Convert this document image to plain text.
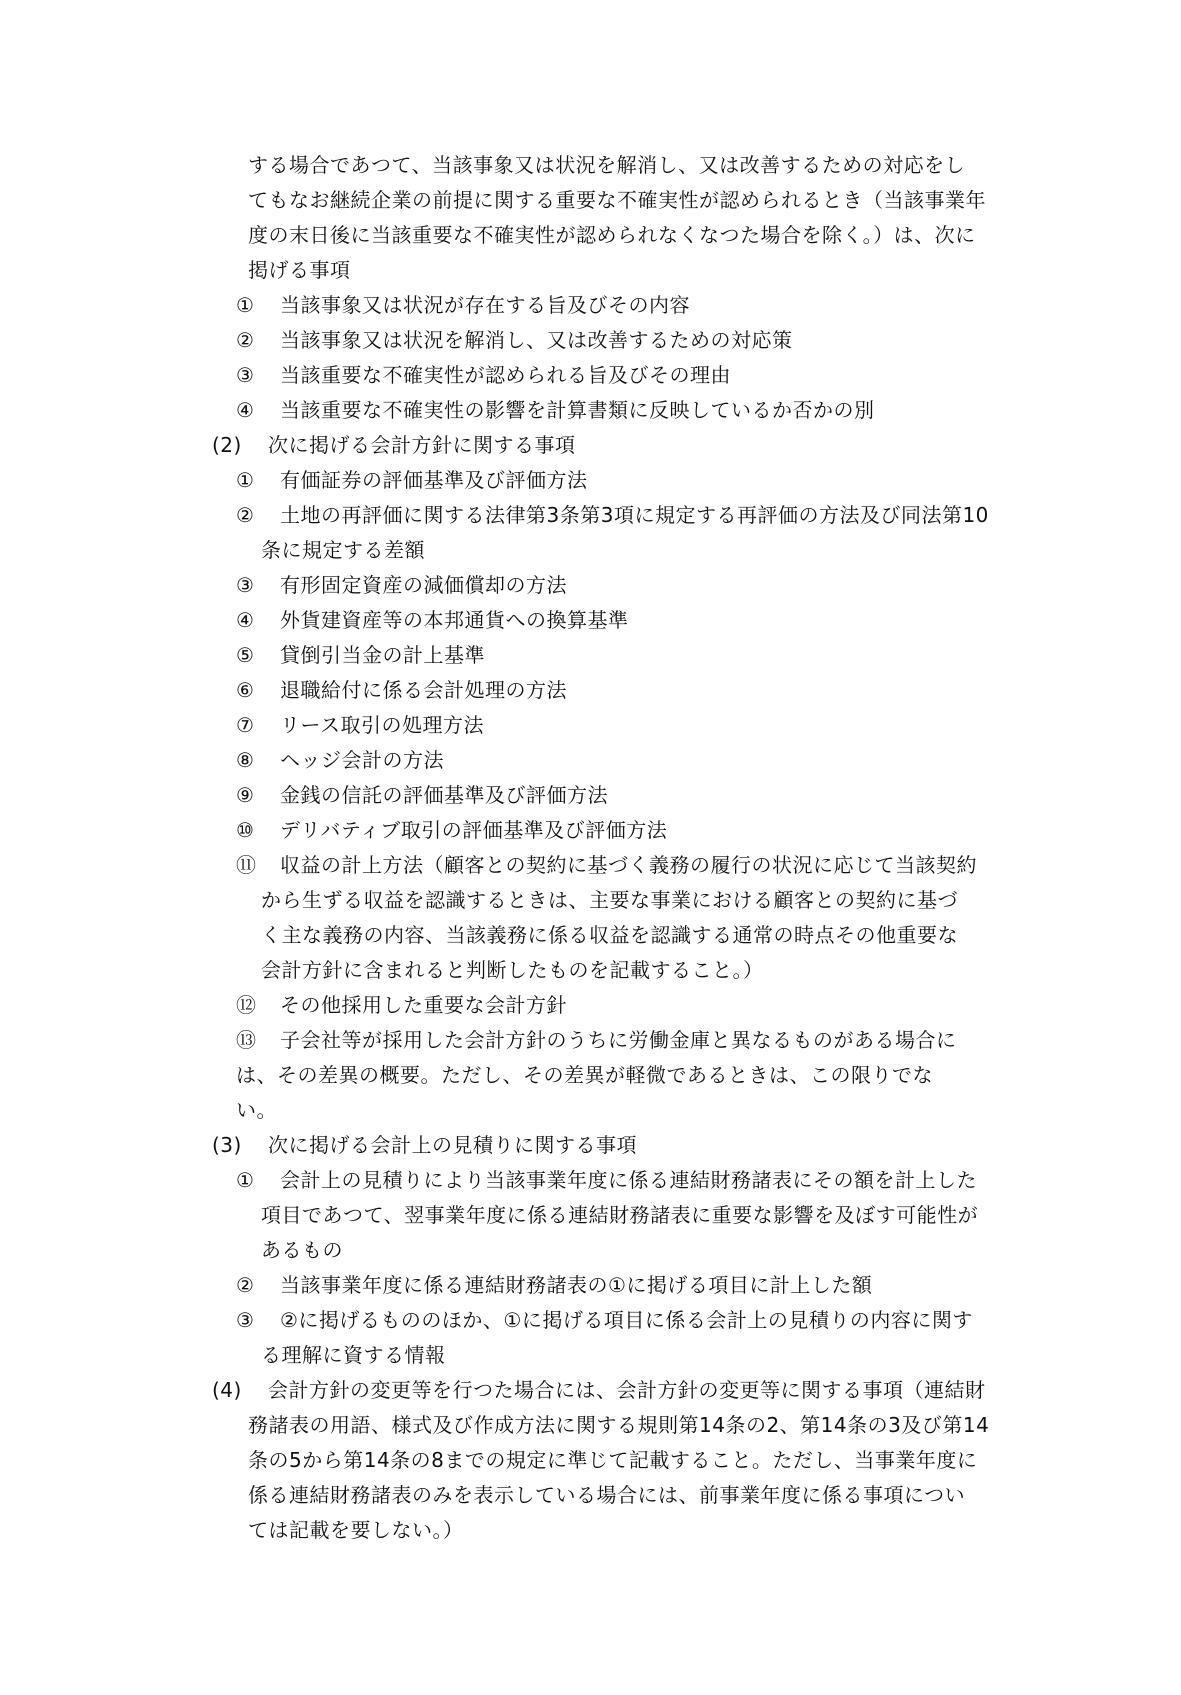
する場合であつて、当該事象又は状況を解消し、又は改善するための対応をし
てもなお継続企業の前提に関する重要な不確実性が認められるとき（当該事業年
度の末日後に当該重要な不確実性が認められなくなつた場合を除く。）は、次に
掲げる事項
① 当該事象又は状況が存在する旨及びその内容
② 当該事象又は状況を解消し、又は改善するための対応策
③ 当該重要な不確実性が認められる旨及びその理由
④ 当該重要な不確実性の影響を計算書類に反映しているか否かの別
(2) 次に掲げる会計方針に関する事項
① 有価証券の評価基準及び評価方法
② 土地の再評価に関する法律第3条第3項に規定する再評価の方法及び同法第10
条に規定する差額
③ 有形固定資産の減価償却の方法
④ 外貨建資産等の本邦通貨への換算基準
⑤ 貸倒引当金の計上基準
⑥ 退職給付に係る会計処理の方法
⑦ リース取引の処理方法
⑧ ヘッジ会計の方法
⑨ 金銭の信託の評価基準及び評価方法
⑩ デリバティブ取引の評価基準及び評価方法
⑪ 収益の計上方法（顧客との契約に基づく義務の履行の状況に応じて当該契約
から生ずる収益を認識するときは、主要な事業における顧客との契約に基づ
く主な義務の内容、当該義務に係る収益を認識する通常の時点その他重要な
会計方針に含まれると判断したものを記載すること。）
⑫ その他採用した重要な会計方針
⑬ 子会社等が採用した会計方針のうちに労働金庫と異なるものがある場合に
は、その差異の概要。ただし、その差異が軽微であるときは、この限りでな
い。
(3) 次に掲げる会計上の見積りに関する事項
① 会計上の見積りにより当該事業年度に係る連結財務諸表にその額を計上した
項目であつて、翌事業年度に係る連結財務諸表に重要な影響を及ぼす可能性が
あるもの
② 当該事業年度に係る連結財務諸表の①に掲げる項目に計上した額
③ ②に掲げるもののほか、①に掲げる項目に係る会計上の見積りの内容に関す
る理解に資する情報
(4) 会計方針の変更等を行つた場合には、会計方針の変更等に関する事項（連結財
務諸表の用語、様式及び作成方法に関する規則第14条の2、第14条の3及び第14
条の5から第14条の8までの規定に準じて記載すること。ただし、当事業年度に
係る連結財務諸表のみを表示している場合には、前事業年度に係る事項につい
ては記載を要しない。）
